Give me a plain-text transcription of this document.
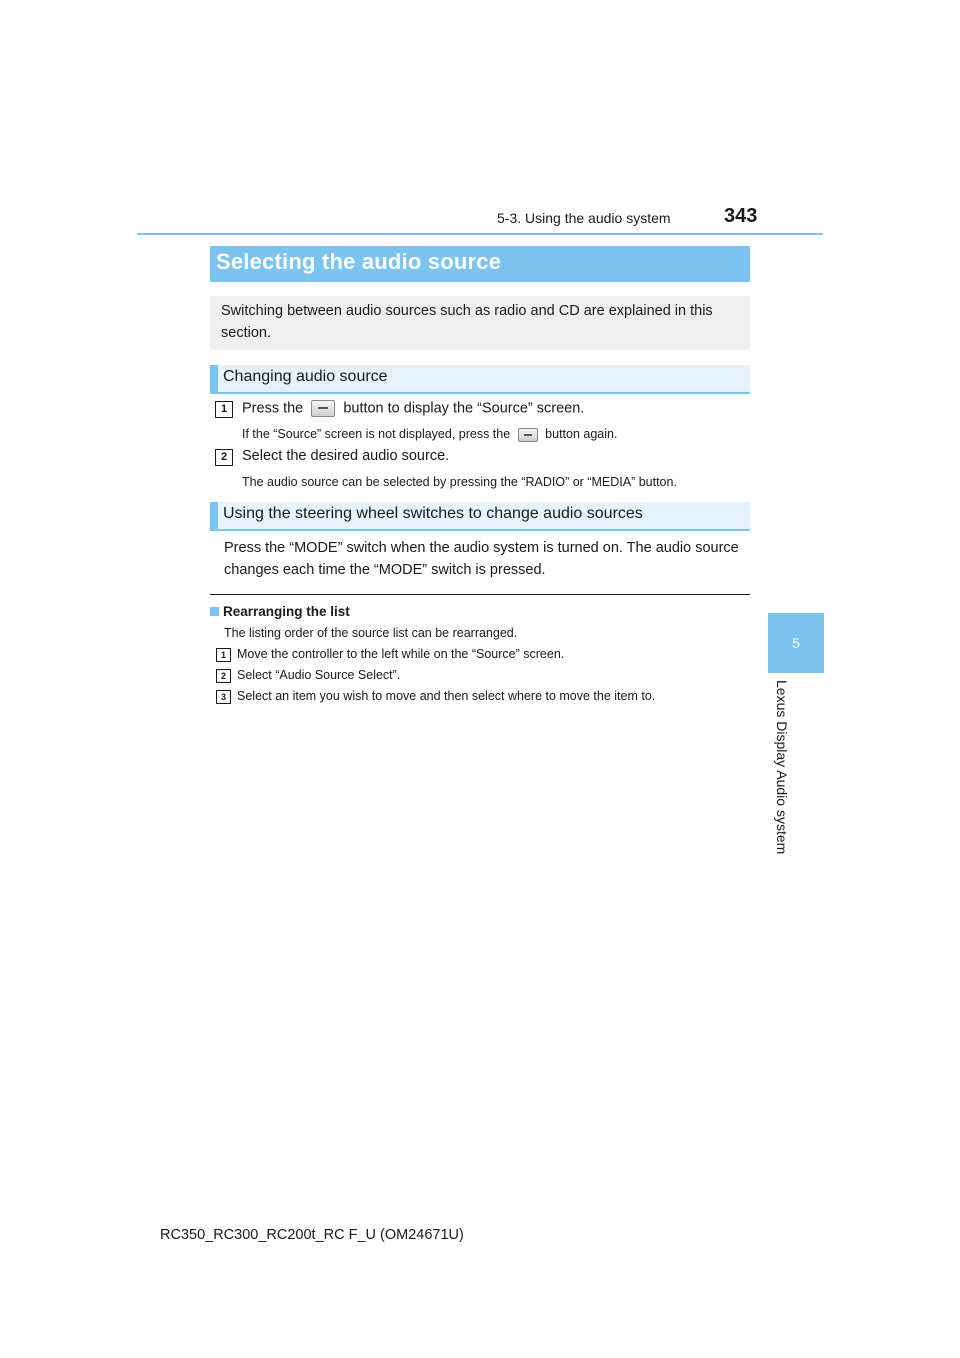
5-3. Using the audio system	343
5
Lexus Display Audio system
Selecting the audio source
Switching between audio sources such as radio and CD are explained in this section.
Changing audio source
1	Press the	button to display the “Source” screen.
If the “Source” screen is not displayed, press the	button again.
2	Select the desired audio source.
The audio source can be selected by pressing the “RADIO” or “MEDIA” button.
Using the steering wheel switches to change audio sources
Press the “MODE” switch when the audio system is turned on. The audio source changes each time the “MODE” switch is pressed.
Rearranging the list
The listing order of the source list can be rearranged.
1 Move the controller to the left while on the “Source” screen.
2 Select “Audio Source Select”.
3 Select an item you wish to move and then select where to move the item to.
RC350_RC300_RC200t_RC F_U (OM24671U)
